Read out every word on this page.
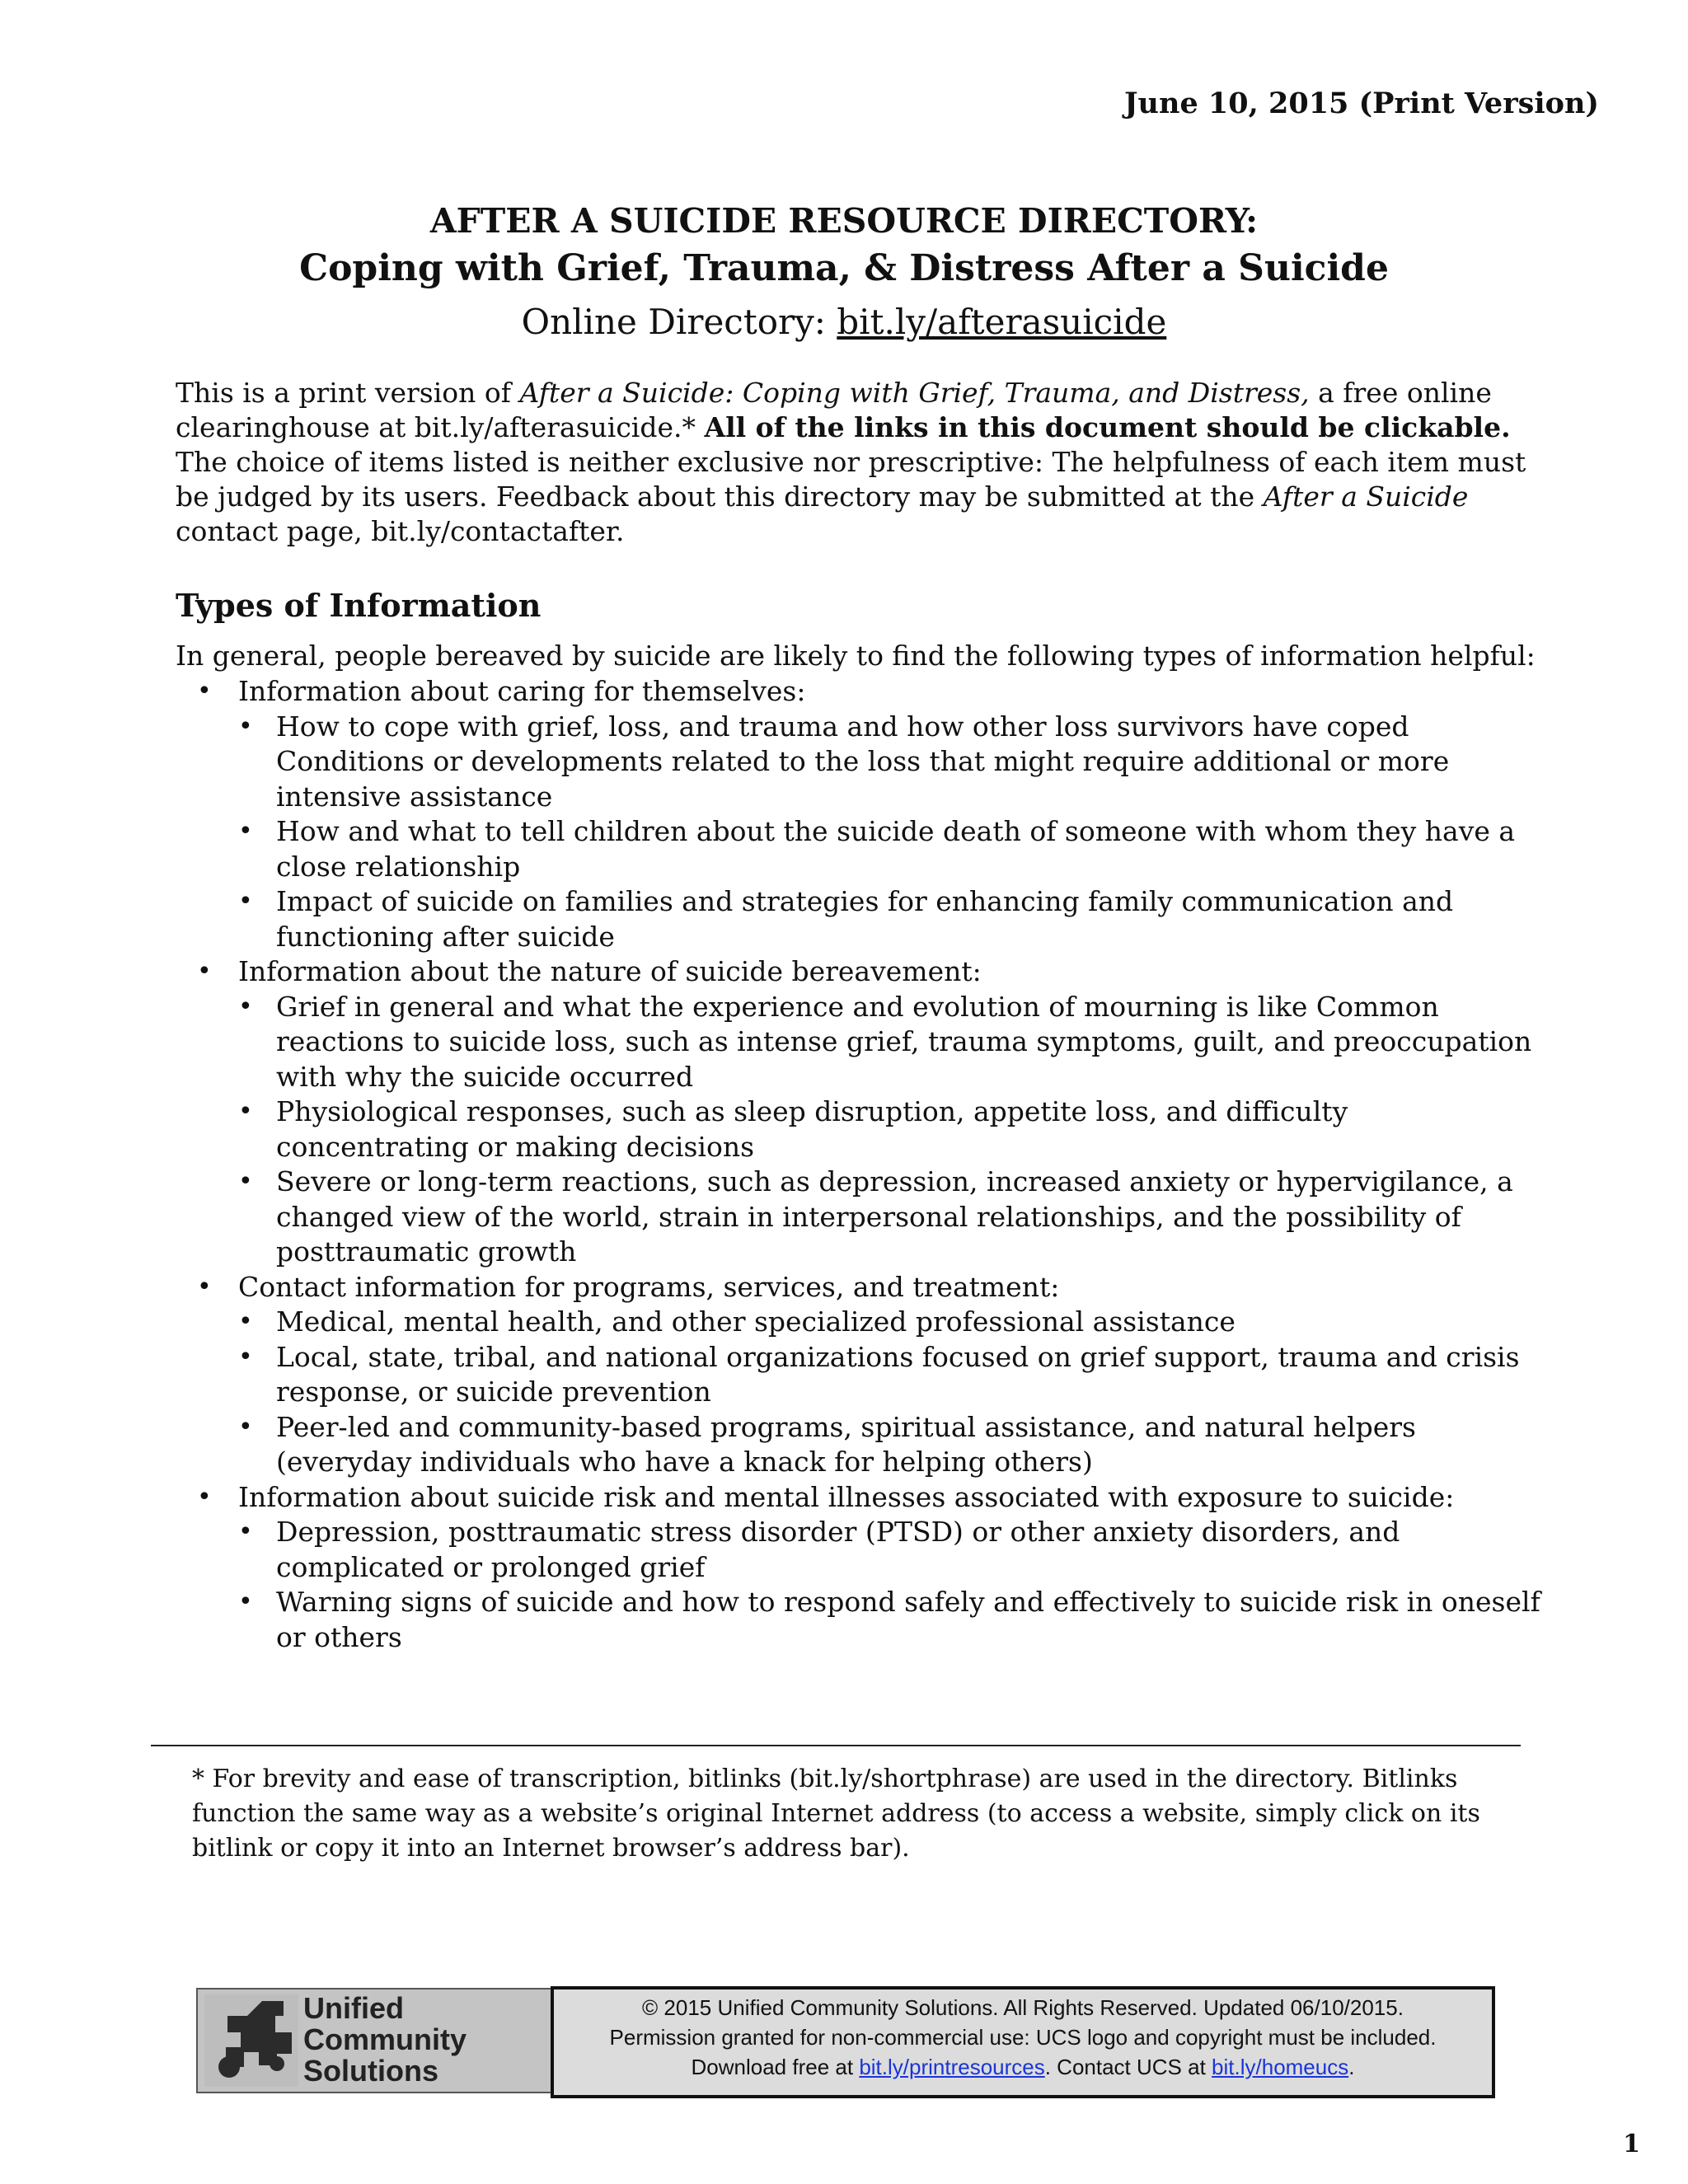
June 10, 2015 (Print Version)
AFTER A SUICIDE RESOURCE DIRECTORY:
Coping with Grief, Trauma, & Distress After a Suicide
Online Directory: bit.ly/afterasuicide
This is a print version of After a Suicide: Coping with Grief, Trauma, and Distress, a free online clearinghouse at bit.ly/afterasuicide.* All of the links in this document should be clickable. The choice of items listed is neither exclusive nor prescriptive: The helpfulness of each item must be judged by its users. Feedback about this directory may be submitted at the After a Suicide contact page, bit.ly/contactafter.
Types of Information
In general, people bereaved by suicide are likely to find the following types of information helpful:
• Information about caring for themselves:
• How to cope with grief, loss, and trauma and how other loss survivors have coped Conditions or developments related to the loss that might require additional or more intensive assistance
• How and what to tell children about the suicide death of someone with whom they have a close relationship
• Impact of suicide on families and strategies for enhancing family communication and functioning after suicide
• Information about the nature of suicide bereavement:
• Grief in general and what the experience and evolution of mourning is like Common reactions to suicide loss, such as intense grief, trauma symptoms, guilt, and preoccupation with why the suicide occurred
• Physiological responses, such as sleep disruption, appetite loss, and difficulty concentrating or making decisions
• Severe or long-term reactions, such as depression, increased anxiety or hypervigilance, a changed view of the world, strain in interpersonal relationships, and the possibility of posttraumatic growth
• Contact information for programs, services, and treatment:
• Medical, mental health, and other specialized professional assistance
• Local, state, tribal, and national organizations focused on grief support, trauma and crisis response, or suicide prevention
• Peer-led and community-based programs, spiritual assistance, and natural helpers (everyday individuals who have a knack for helping others)
• Information about suicide risk and mental illnesses associated with exposure to suicide:
• Depression, posttraumatic stress disorder (PTSD) or other anxiety disorders, and complicated or prolonged grief
• Warning signs of suicide and how to respond safely and effectively to suicide risk in oneself or others
* For brevity and ease of transcription, bitlinks (bit.ly/shortphrase) are used in the directory. Bitlinks function the same way as a website’s original Internet address (to access a website, simply click on its bitlink or copy it into an Internet browser’s address bar).
Unified
Community
Solutions
© 2015 Unified Community Solutions. All Rights Reserved. Updated 06/10/2015.
Permission granted for non-commercial use: UCS logo and copyright must be included.
Download free at bit.ly/printresources. Contact UCS at bit.ly/homeucs.
1
